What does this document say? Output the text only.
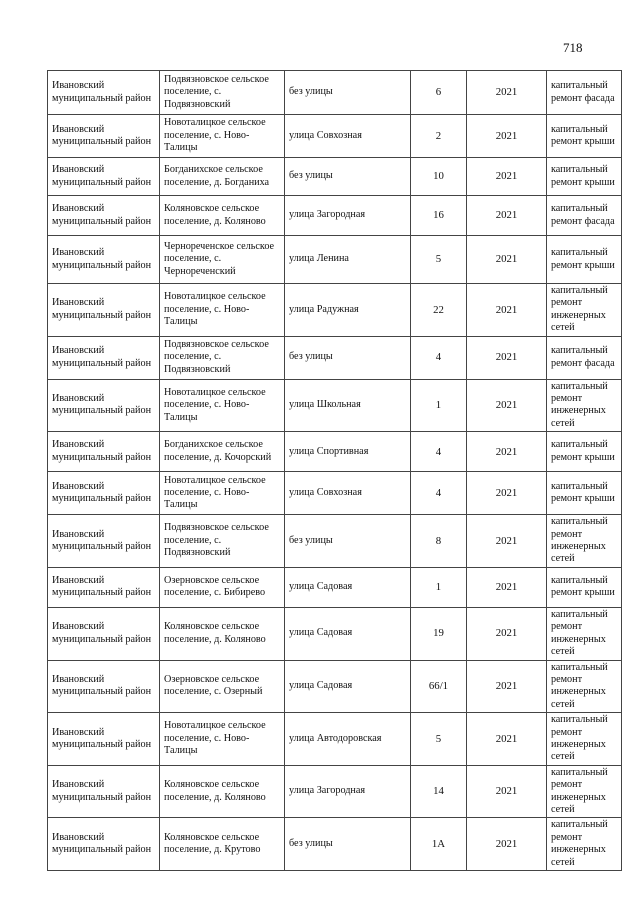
718
Ивановский муниципальный район	Подвязновское сельское поселение, с. Подвязновский	без улицы	6	2021	капитальный ремонт фасада
Ивановский муниципальный район	Новоталицкое сельское поселение, с. Ново-Талицы	улица Совхозная	2	2021	капитальный ремонт крыши
Ивановский муниципальный район	Богданихское сельское поселение, д. Богданиха	без улицы	10	2021	капитальный ремонт крыши
Ивановский муниципальный район	Коляновское сельское поселение, д. Коляново	улица Загородная	16	2021	капитальный ремонт фасада
Ивановский муниципальный район	Чернореченское сельское поселение, с. Чернореченский	улица Ленина	5	2021	капитальный ремонт крыши
Ивановский муниципальный район	Новоталицкое сельское поселение, с. Ново-Талицы	улица Радужная	22	2021	капитальный ремонт инженерных сетей
Ивановский муниципальный район	Подвязновское сельское поселение, с. Подвязновский	без улицы	4	2021	капитальный ремонт фасада
Ивановский муниципальный район	Новоталицкое сельское поселение, с. Ново-Талицы	улица Школьная	1	2021	капитальный ремонт инженерных сетей
Ивановский муниципальный район	Богданихское сельское поселение, д. Кочорский	улица Спортивная	4	2021	капитальный ремонт крыши
Ивановский муниципальный район	Новоталицкое сельское поселение, с. Ново-Талицы	улица Совхозная	4	2021	капитальный ремонт крыши
Ивановский муниципальный район	Подвязновское сельское поселение, с. Подвязновский	без улицы	8	2021	капитальный ремонт инженерных сетей
Ивановский муниципальный район	Озерновское сельское поселение, с. Бибирево	улица Садовая	1	2021	капитальный ремонт крыши
Ивановский муниципальный район	Коляновское сельское поселение, д. Коляново	улица Садовая	19	2021	капитальный ремонт инженерных сетей
Ивановский муниципальный район	Озерновское сельское поселение, с. Озерный	улица Садовая	66/1	2021	капитальный ремонт инженерных сетей
Ивановский муниципальный район	Новоталицкое сельское поселение, с. Ново-Талицы	улица Автодоровская	5	2021	капитальный ремонт инженерных сетей
Ивановский муниципальный район	Коляновское сельское поселение, д. Коляново	улица Загородная	14	2021	капитальный ремонт инженерных сетей
Ивановский муниципальный район	Коляновское сельское поселение, д. Крутово	без улицы	1А	2021	капитальный ремонт инженерных сетей
